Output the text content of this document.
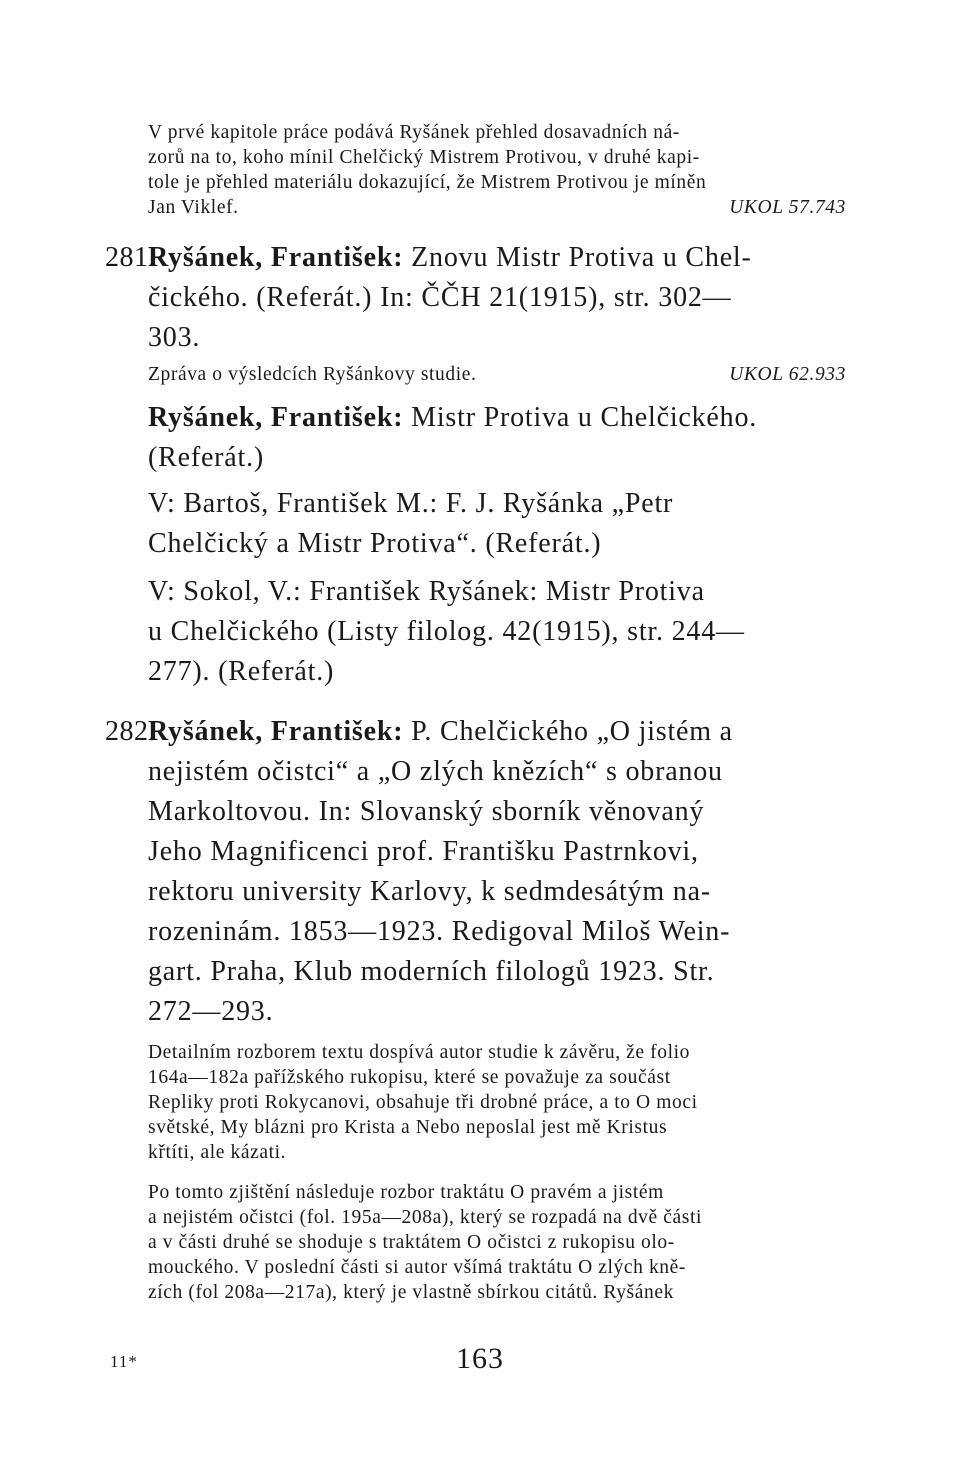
V prvé kapitole práce podává Ryšánek přehled dosavadních ná-
zorů na to, koho mínil Chelčický Mistrem Protivou, v druhé kapi-
tole je přehled materiálu dokazující, že Mistrem Protivou je míněn
Jan Viklef.	UKOL 57.743
281.
Ryšánek, František: Znovu Mistr Protiva u Chel-
čického. (Referát.) In: ČČH 21(1915), str. 302—
303.
Zpráva o výsledcích Ryšánkovy studie.	UKOL 62.933
Ryšánek, František: Mistr Protiva u Chelčického.
(Referát.)
V: Bartoš, František M.: F. J. Ryšánka „Petr
Chelčický a Mistr Protiva“. (Referát.)
V: Sokol, V.: František Ryšánek: Mistr Protiva
u Chelčického (Listy filolog. 42(1915), str. 244—
277). (Referát.)
282.
Ryšánek, František: P. Chelčického „O jistém a
nejistém očistci“ a „O zlých knězích“ s obranou
Markoltovou. In: Slovanský sborník věnovaný
Jeho Magnificenci prof. Františku Pastrnkovi,
rektoru university Karlovy, k sedmdesátým na-
rozeninám. 1853—1923. Redigoval Miloš Wein-
gart. Praha, Klub moderních filologů 1923. Str.
272—293.
Detailním rozborem textu dospívá autor studie k závěru, že folio
164a—182a pařížského rukopisu, které se považuje za součást
Repliky proti Rokycanovi, obsahuje tři drobné práce, a to O moci
světské, My blázni pro Krista a Nebo neposlal jest mě Kristus
křtíti, ale kázati.
Po tomto zjištění následuje rozbor traktátu O pravém a jistém
a nejistém očistci (fol. 195a—208a), který se rozpadá na dvě části
a v části druhé se shoduje s traktátem O očistci z rukopisu olo-
mouckého. V poslední části si autor všímá traktátu O zlých kně-
zích (fol 208a—217a), který je vlastně sbírkou citátů. Ryšánek
11*	163
